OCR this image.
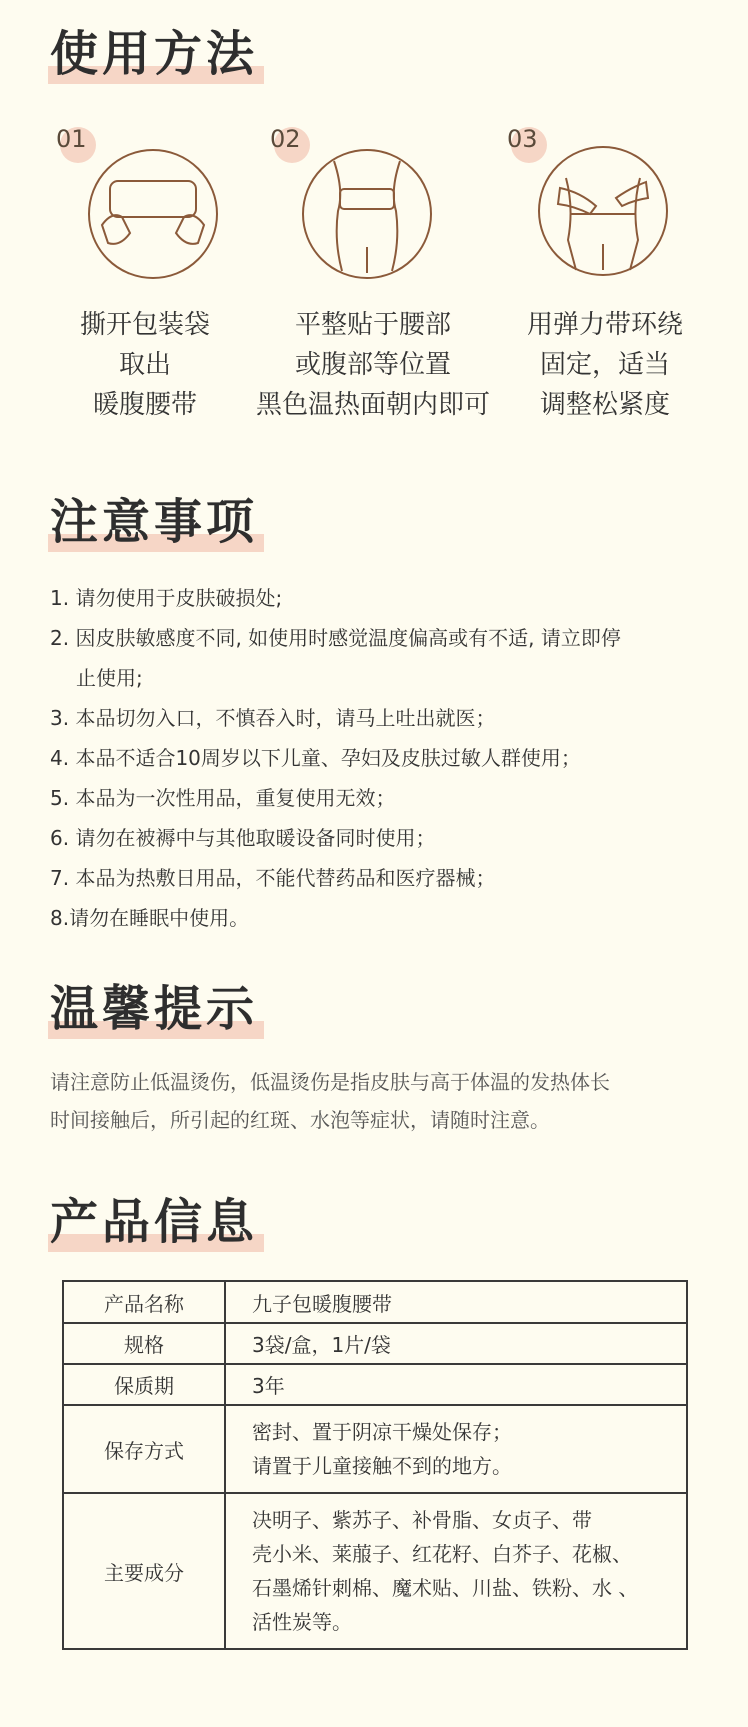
使用方法
01
撕开包装袋
取出
暖腹腰带
02
平整贴于腰部
或腹部等位置
黑色温热面朝内即可
03
用弹力带环绕
固定，适当
调整松紧度
注意事项
1. 请勿使用于皮肤破损处;
2. 因皮肤敏感度不同, 如使用时感觉温度偏高或有不适, 请立即停
止使用;
3. 本品切勿入口，不慎吞入时，请马上吐出就医；
4. 本品不适合10周岁以下儿童、孕妇及皮肤过敏人群使用；
5. 本品为一次性用品，重复使用无效；
6. 请勿在被褥中与其他取暖设备同时使用；
7. 本品为热敷日用品，不能代替药品和医疗器械；
8.请勿在睡眠中使用。
温馨提示
请注意防止低温烫伤，低温烫伤是指皮肤与高于体温的发热体长
时间接触后，所引起的红斑、水泡等症状，请随时注意。
产品信息
产品名称	九子包暖腹腰带

规格	3袋/盒，1片/袋

保质期	3年

保存方式	密封、置于阴凉干燥处保存；
请置于儿童接触不到的地方。

主要成分	决明子、紫苏子、补骨脂、女贞子、带
壳小米、莱菔子、红花籽、白芥子、花椒、
石墨烯针刺棉、魔术贴、川盐、铁粉、水 、
活性炭等。
